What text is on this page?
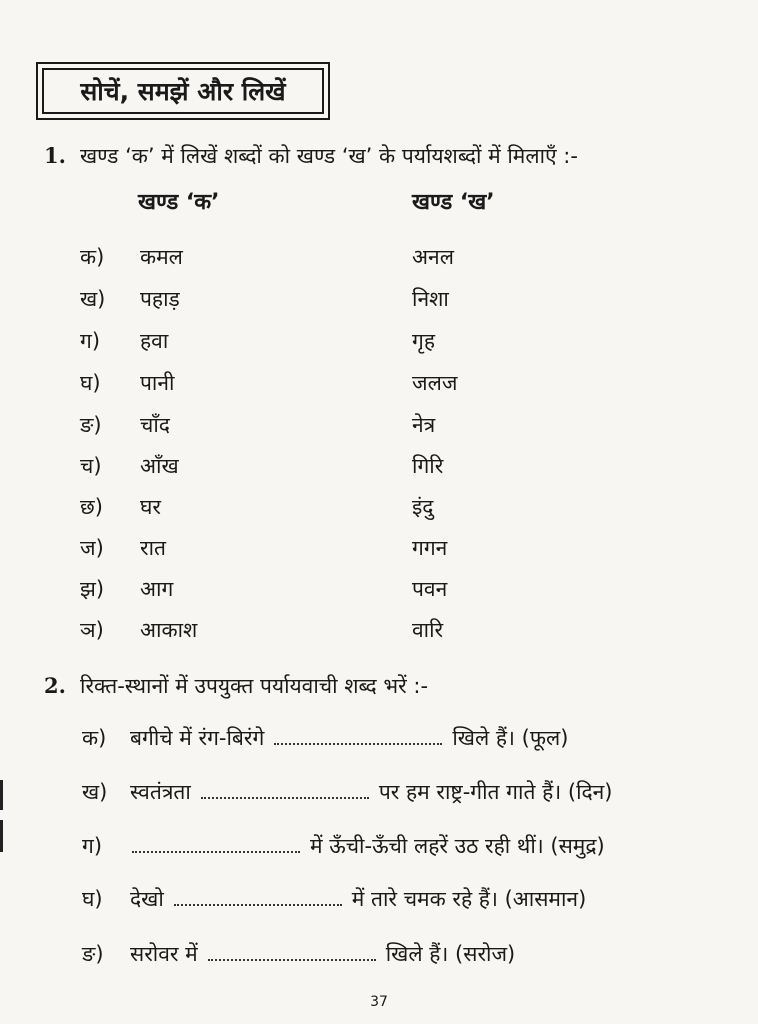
सोचें, समझें और लिखें
1. खण्ड ‘क’ में लिखें शब्दों को खण्ड ‘ख’ के पर्यायशब्दों में मिलाएँ :-
खण्ड ‘क’	खण्ड ‘ख’
क) कमल	अनल
ख) पहाड़	निशा
ग) हवा	गृह
घ) पानी	जलज
ङ) चाँद	नेत्र
च) आँख	गिरि
छ) घर	इंदु
ज) रात	गगन
झ) आग	पवन
ञ) आकाश	वारि
2. रिक्त-स्थानों में उपयुक्त पर्यायवाची शब्द भरें :-
क) बगीचे में रंग-बिरंगे	खिले हैं। (फूल)
ख) स्वतंत्रता	पर हम राष्ट्र-गीत गाते हैं। (दिन)
ग)	में ऊँची-ऊँची लहरें उठ रही थीं। (समुद्र)
घ) देखो	में तारे चमक रहे हैं। (आसमान)
ङ) सरोवर में	खिले हैं। (सरोज)
37
